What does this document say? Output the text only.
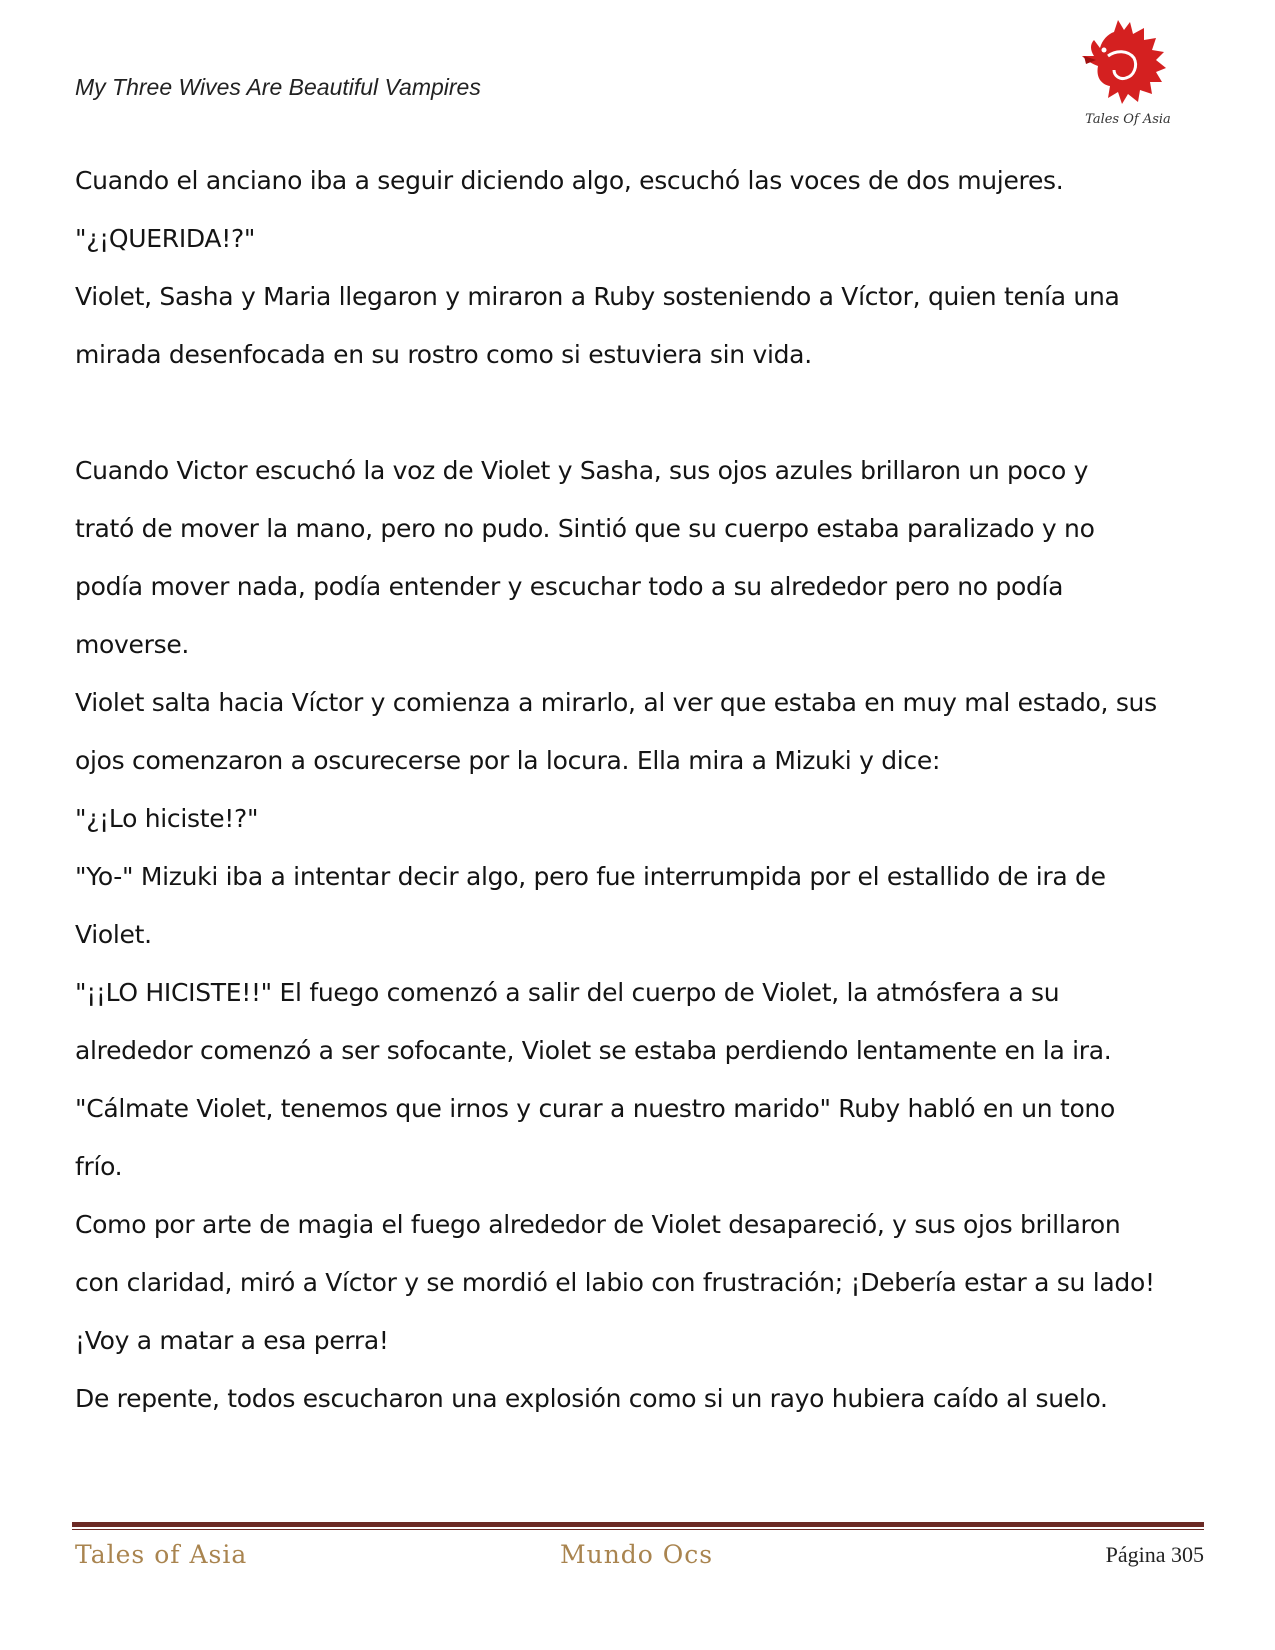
My Three Wives Are Beautiful Vampires
Tales Of Asia
Cuando el anciano iba a seguir diciendo algo, escuchó las voces de dos mujeres.
"¿¡QUERIDA!?"
Violet, Sasha y Maria llegaron y miraron a Ruby sosteniendo a Víctor, quien tenía una
mirada desenfocada en su rostro como si estuviera sin vida.
Cuando Victor escuchó la voz de Violet y Sasha, sus ojos azules brillaron un poco y
trató de mover la mano, pero no pudo. Sintió que su cuerpo estaba paralizado y no
podía mover nada, podía entender y escuchar todo a su alrededor pero no podía
moverse.
Violet salta hacia Víctor y comienza a mirarlo, al ver que estaba en muy mal estado, sus
ojos comenzaron a oscurecerse por la locura. Ella mira a Mizuki y dice:
"¿¡Lo hiciste!?"
"Yo-" Mizuki iba a intentar decir algo, pero fue interrumpida por el estallido de ira de
Violet.
"¡¡LO HICISTE!!" El fuego comenzó a salir del cuerpo de Violet, la atmósfera a su
alrededor comenzó a ser sofocante, Violet se estaba perdiendo lentamente en la ira.
"Cálmate Violet, tenemos que irnos y curar a nuestro marido" Ruby habló en un tono
frío.
Como por arte de magia el fuego alrededor de Violet desapareció, y sus ojos brillaron
con claridad, miró a Víctor y se mordió el labio con frustración; ¡Debería estar a su lado!
¡Voy a matar a esa perra!
De repente, todos escucharon una explosión como si un rayo hubiera caído al suelo.
Tales of Asia	Mundo Ocs	Página 305
